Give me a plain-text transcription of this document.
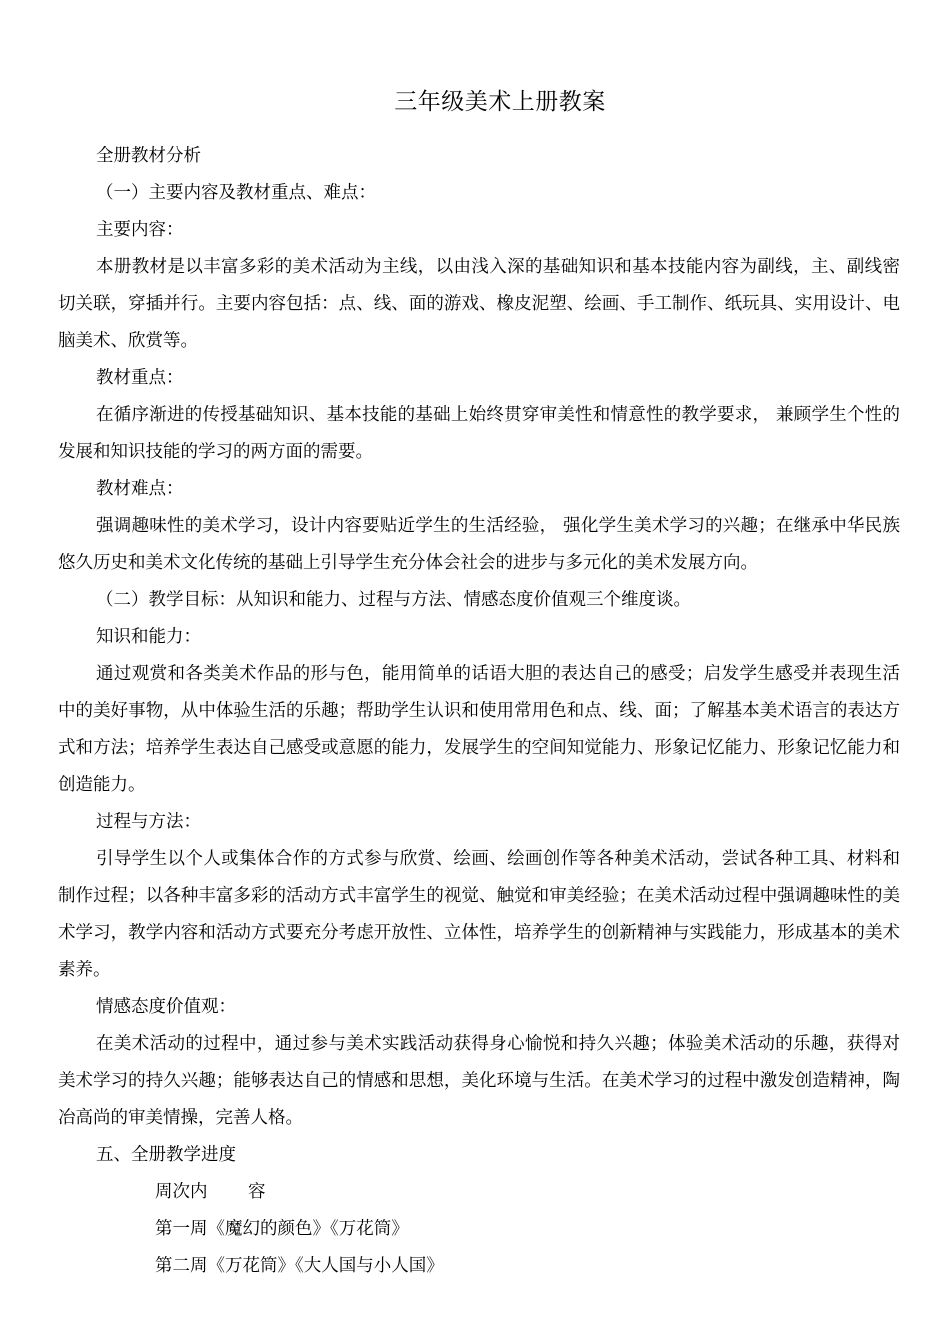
三年级美术上册教案

全册教材分析

（一）主要内容及教材重点、难点：

主要内容：

本册教材是以丰富多彩的美术活动为主线，以由浅入深的基础知识和基本技能内容为副线，主、副线密切关联，穿插并行。主要内容包括：点、线、面的游戏、橡皮泥塑、绘画、手工制作、纸玩具、实用设计、电脑美术、欣赏等。

教材重点：

在循序渐进的传授基础知识、基本技能的基础上始终贯穿审美性和情意性的教学要求， 兼顾学生个性的发展和知识技能的学习的两方面的需要。

教材难点：

强调趣味性的美术学习，设计内容要贴近学生的生活经验， 强化学生美术学习的兴趣；在继承中华民族悠久历史和美术文化传统的基础上引导学生充分体会社会的进步与多元化的美术发展方向。

（二）教学目标：从知识和能力、过程与方法、情感态度价值观三个维度谈。

知识和能力：

通过观赏和各类美术作品的形与色，能用简单的话语大胆的表达自己的感受；启发学生感受并表现生活中的美好事物，从中体验生活的乐趣；帮助学生认识和使用常用色和点、线、面；了解基本美术语言的表达方式和方法；培养学生表达自己感受或意愿的能力，发展学生的空间知觉能力、形象记忆能力、形象记忆能力和创造能力。

过程与方法：

引导学生以个人或集体合作的方式参与欣赏、绘画、绘画创作等各种美术活动，尝试各种工具、材料和制作过程；以各种丰富多彩的活动方式丰富学生的视觉、触觉和审美经验；在美术活动过程中强调趣味性的美术学习，教学内容和活动方式要充分考虑开放性、立体性，培养学生的创新精神与实践能力，形成基本的美术素养。

情感态度价值观：

在美术活动的过程中，通过参与美术实践活动获得身心愉悦和持久兴趣；体验美术活动的乐趣，获得对美术学习的持久兴趣；能够表达自己的情感和思想，美化环境与生活。在美术学习的过程中激发创造精神，陶冶高尚的审美情操，完善人格。

五、全册教学进度

周次内　　 容

第一周《魔幻的颜色》《万花筒》

第二周《万花筒》《大人国与小人国》
